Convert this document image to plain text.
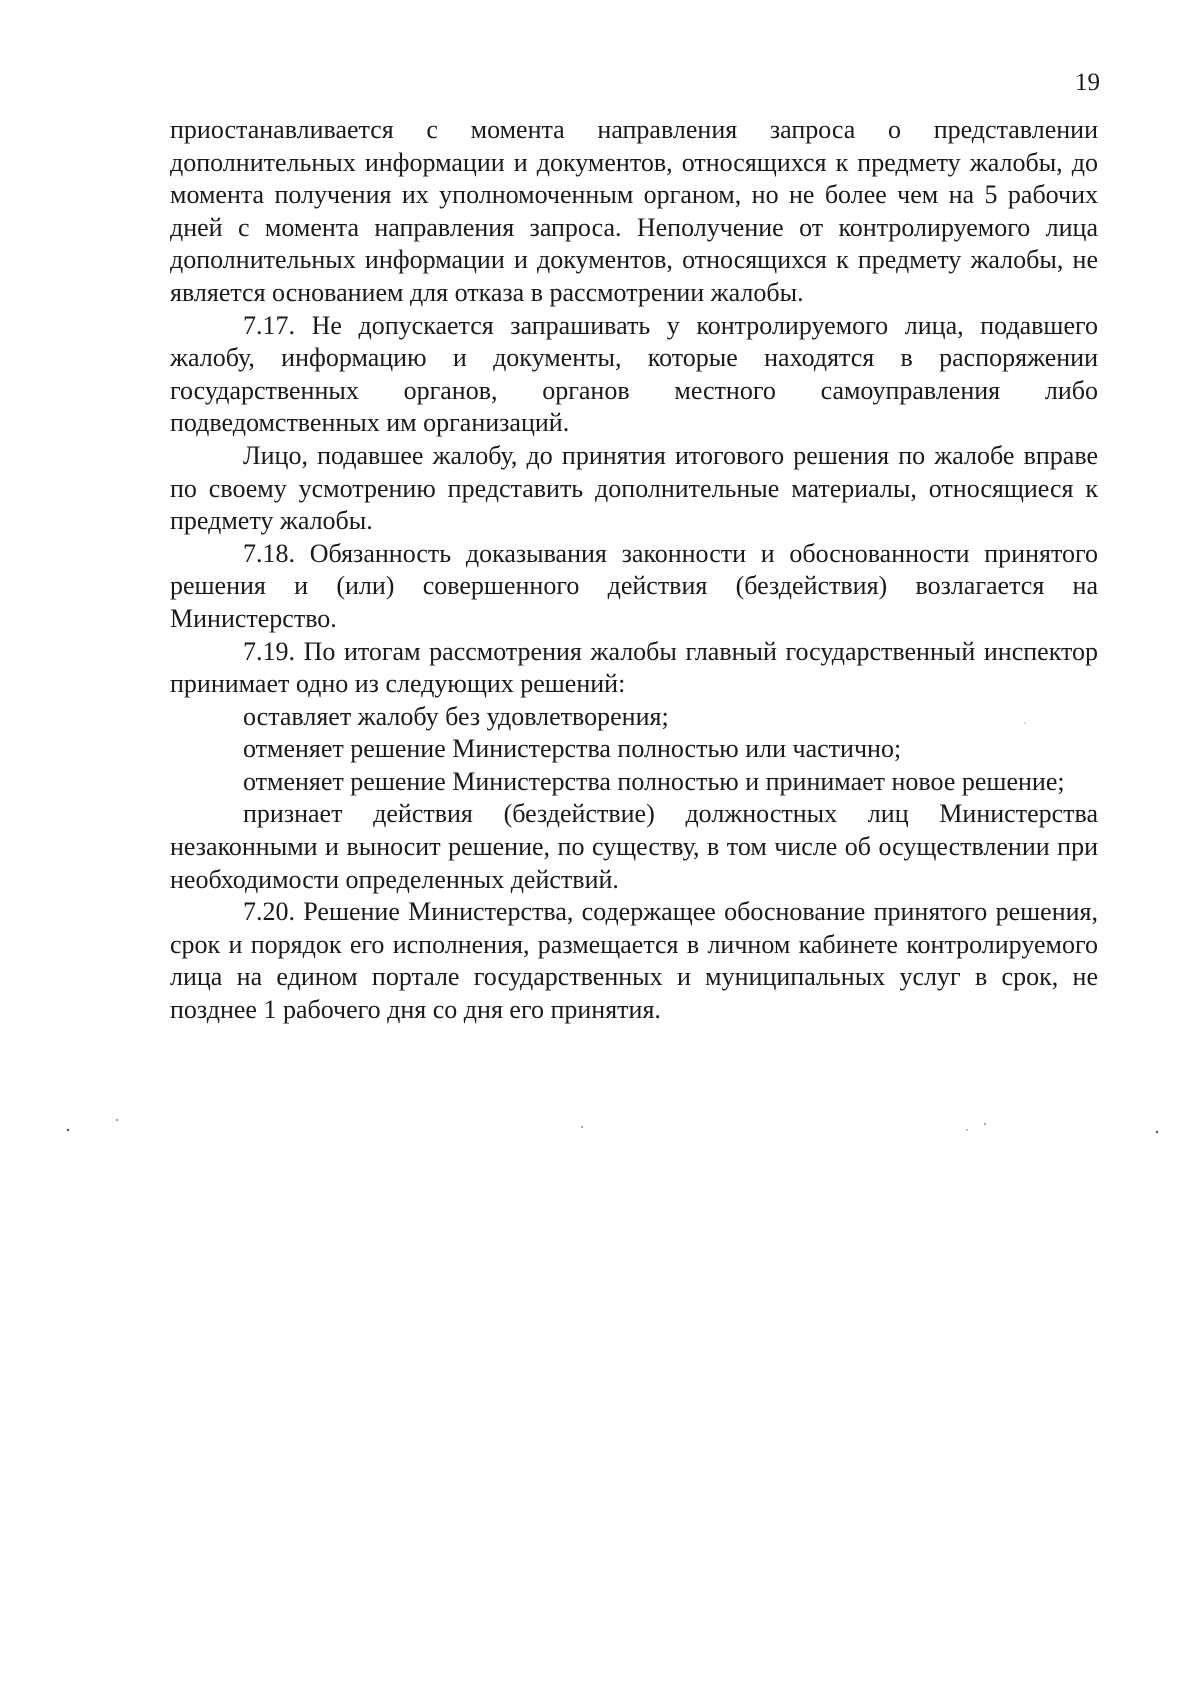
19

приостанавливается с момента направления запроса о представлении дополнительных информации и документов, относящихся к предмету жалобы, до момента получения их уполномоченным органом, но не более чем на 5 рабочих дней с момента направления запроса. Неполучение от контролируемого лица дополнительных информации и документов, относящихся к предмету жалобы, не является основанием для отказа в рассмотрении жалобы.

7.17. Не допускается запрашивать у контролируемого лица, подавшего жалобу, информацию и документы, которые находятся в распоряжении государственных органов, органов местного самоуправления либо подведомственных им организаций.

Лицо, подавшее жалобу, до принятия итогового решения по жалобе вправе по своему усмотрению представить дополнительные материалы, относящиеся к предмету жалобы.

7.18. Обязанность доказывания законности и обоснованности принятого решения и (или) совершенного действия (бездействия) возлагается на Министерство.

7.19. По итогам рассмотрения жалобы главный государственный инспектор принимает одно из следующих решений:

оставляет жалобу без удовлетворения;

отменяет решение Министерства полностью или частично;

отменяет решение Министерства полностью и принимает новое решение;

признает действия (бездействие) должностных лиц Министерства незаконными и выносит решение, по существу, в том числе об осуществлении при необходимости определенных действий.

7.20. Решение Министерства, содержащее обоснование принятого решения, срок и порядок его исполнения, размещается в личном кабинете контролируемого лица на едином портале государственных и муниципальных услуг в срок, не позднее 1 рабочего дня со дня его принятия.
